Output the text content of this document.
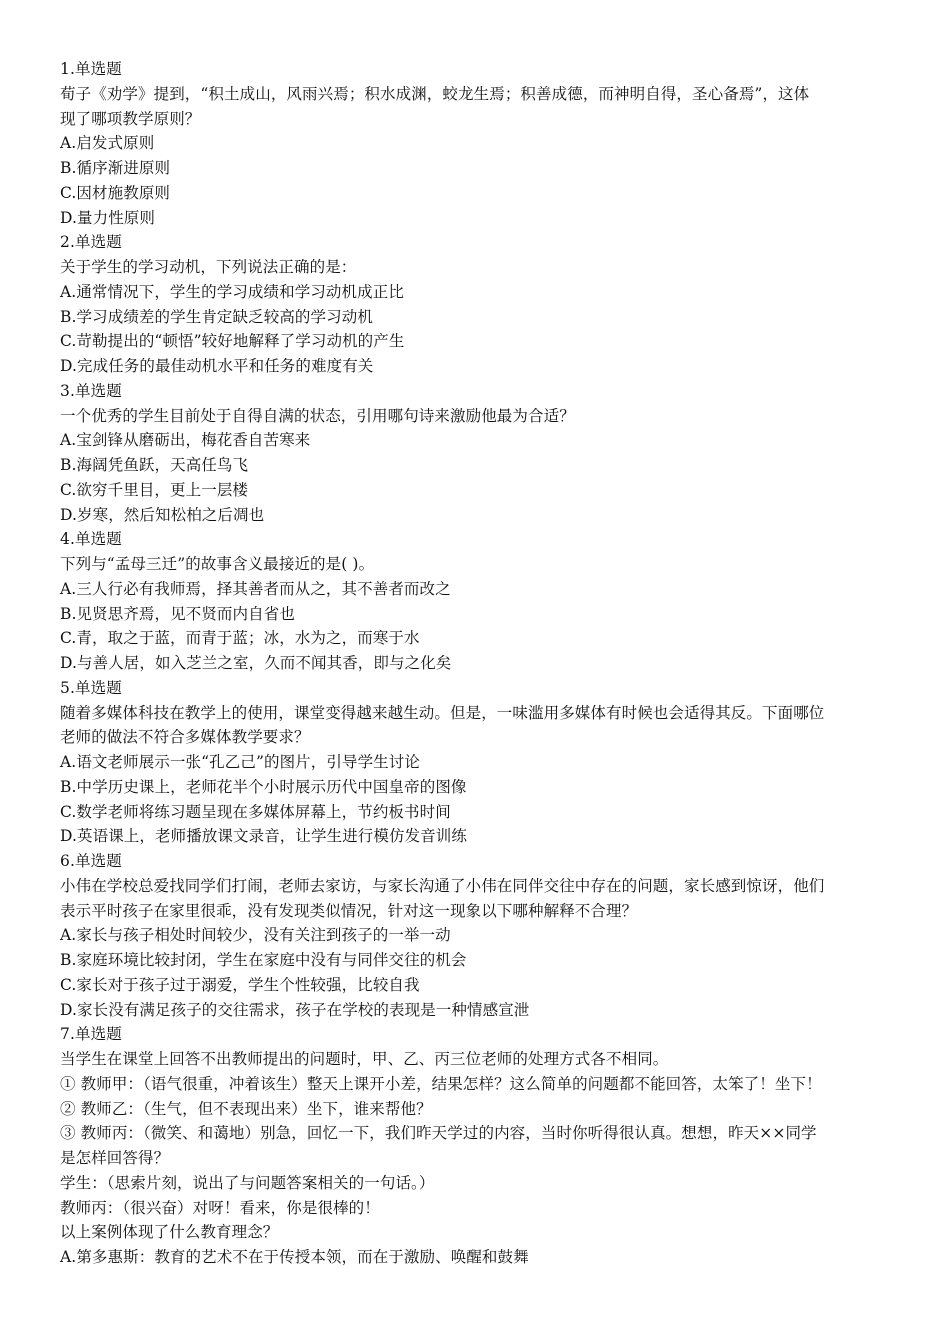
1.单选题
荀子《劝学》提到，“积土成山，风雨兴焉；积水成渊，蛟龙生焉；积善成德，而神明自得，圣心备焉”，这体
现了哪项教学原则？
A.启发式原则
B.循序渐进原则
C.因材施教原则
D.量力性原则
2.单选题
关于学生的学习动机，下列说法正确的是：
A.通常情况下，学生的学习成绩和学习动机成正比
B.学习成绩差的学生肯定缺乏较高的学习动机
C.苛勒提出的“顿悟”较好地解释了学习动机的产生
D.完成任务的最佳动机水平和任务的难度有关
3.单选题
一个优秀的学生目前处于自得自满的状态，引用哪句诗来激励他最为合适？
A.宝剑锋从磨砺出，梅花香自苦寒来
B.海阔凭鱼跃，天高任鸟飞
C.欲穷千里目，更上一层楼
D.岁寒，然后知松柏之后凋也
4.单选题
下列与“孟母三迁”的故事含义最接近的是( )。
A.三人行必有我师焉，择其善者而从之，其不善者而改之
B.见贤思齐焉，见不贤而内自省也
C.青，取之于蓝，而青于蓝；冰，水为之，而寒于水
D.与善人居，如入芝兰之室，久而不闻其香，即与之化矣
5.单选题
随着多媒体科技在教学上的使用，课堂变得越来越生动。但是，一味滥用多媒体有时候也会适得其反。下面哪位
老师的做法不符合多媒体教学要求？
A.语文老师展示一张“孔乙己”的图片，引导学生讨论
B.中学历史课上，老师花半个小时展示历代中国皇帝的图像
C.数学老师将练习题呈现在多媒体屏幕上，节约板书时间
D.英语课上，老师播放课文录音，让学生进行模仿发音训练
6.单选题
小伟在学校总爱找同学们打闹，老师去家访，与家长沟通了小伟在同伴交往中存在的问题，家长感到惊讶，他们
表示平时孩子在家里很乖，没有发现类似情况，针对这一现象以下哪种解释不合理？
A.家长与孩子相处时间较少，没有关注到孩子的一举一动
B.家庭环境比较封闭，学生在家庭中没有与同伴交往的机会
C.家长对于孩子过于溺爱，学生个性较强，比较自我
D.家长没有满足孩子的交往需求，孩子在学校的表现是一种情感宣泄
7.单选题
当学生在课堂上回答不出教师提出的问题时，甲、乙、丙三位老师的处理方式各不相同。
① 教师甲：（语气很重，冲着该生）整天上课开小差，结果怎样？这么简单的问题都不能回答，太笨了！坐下！
② 教师乙：（生气，但不表现出来）坐下，谁来帮他？
③ 教师丙：（微笑、和蔼地）别急，回忆一下，我们昨天学过的内容，当时你听得很认真。想想，昨天××同学
是怎样回答得？
学生：（思索片刻，说出了与问题答案相关的一句话。）
教师丙：（很兴奋）对呀！看来，你是很棒的！
以上案例体现了什么教育理念？
A.第多惠斯：教育的艺术不在于传授本领，而在于激励、唤醒和鼓舞
